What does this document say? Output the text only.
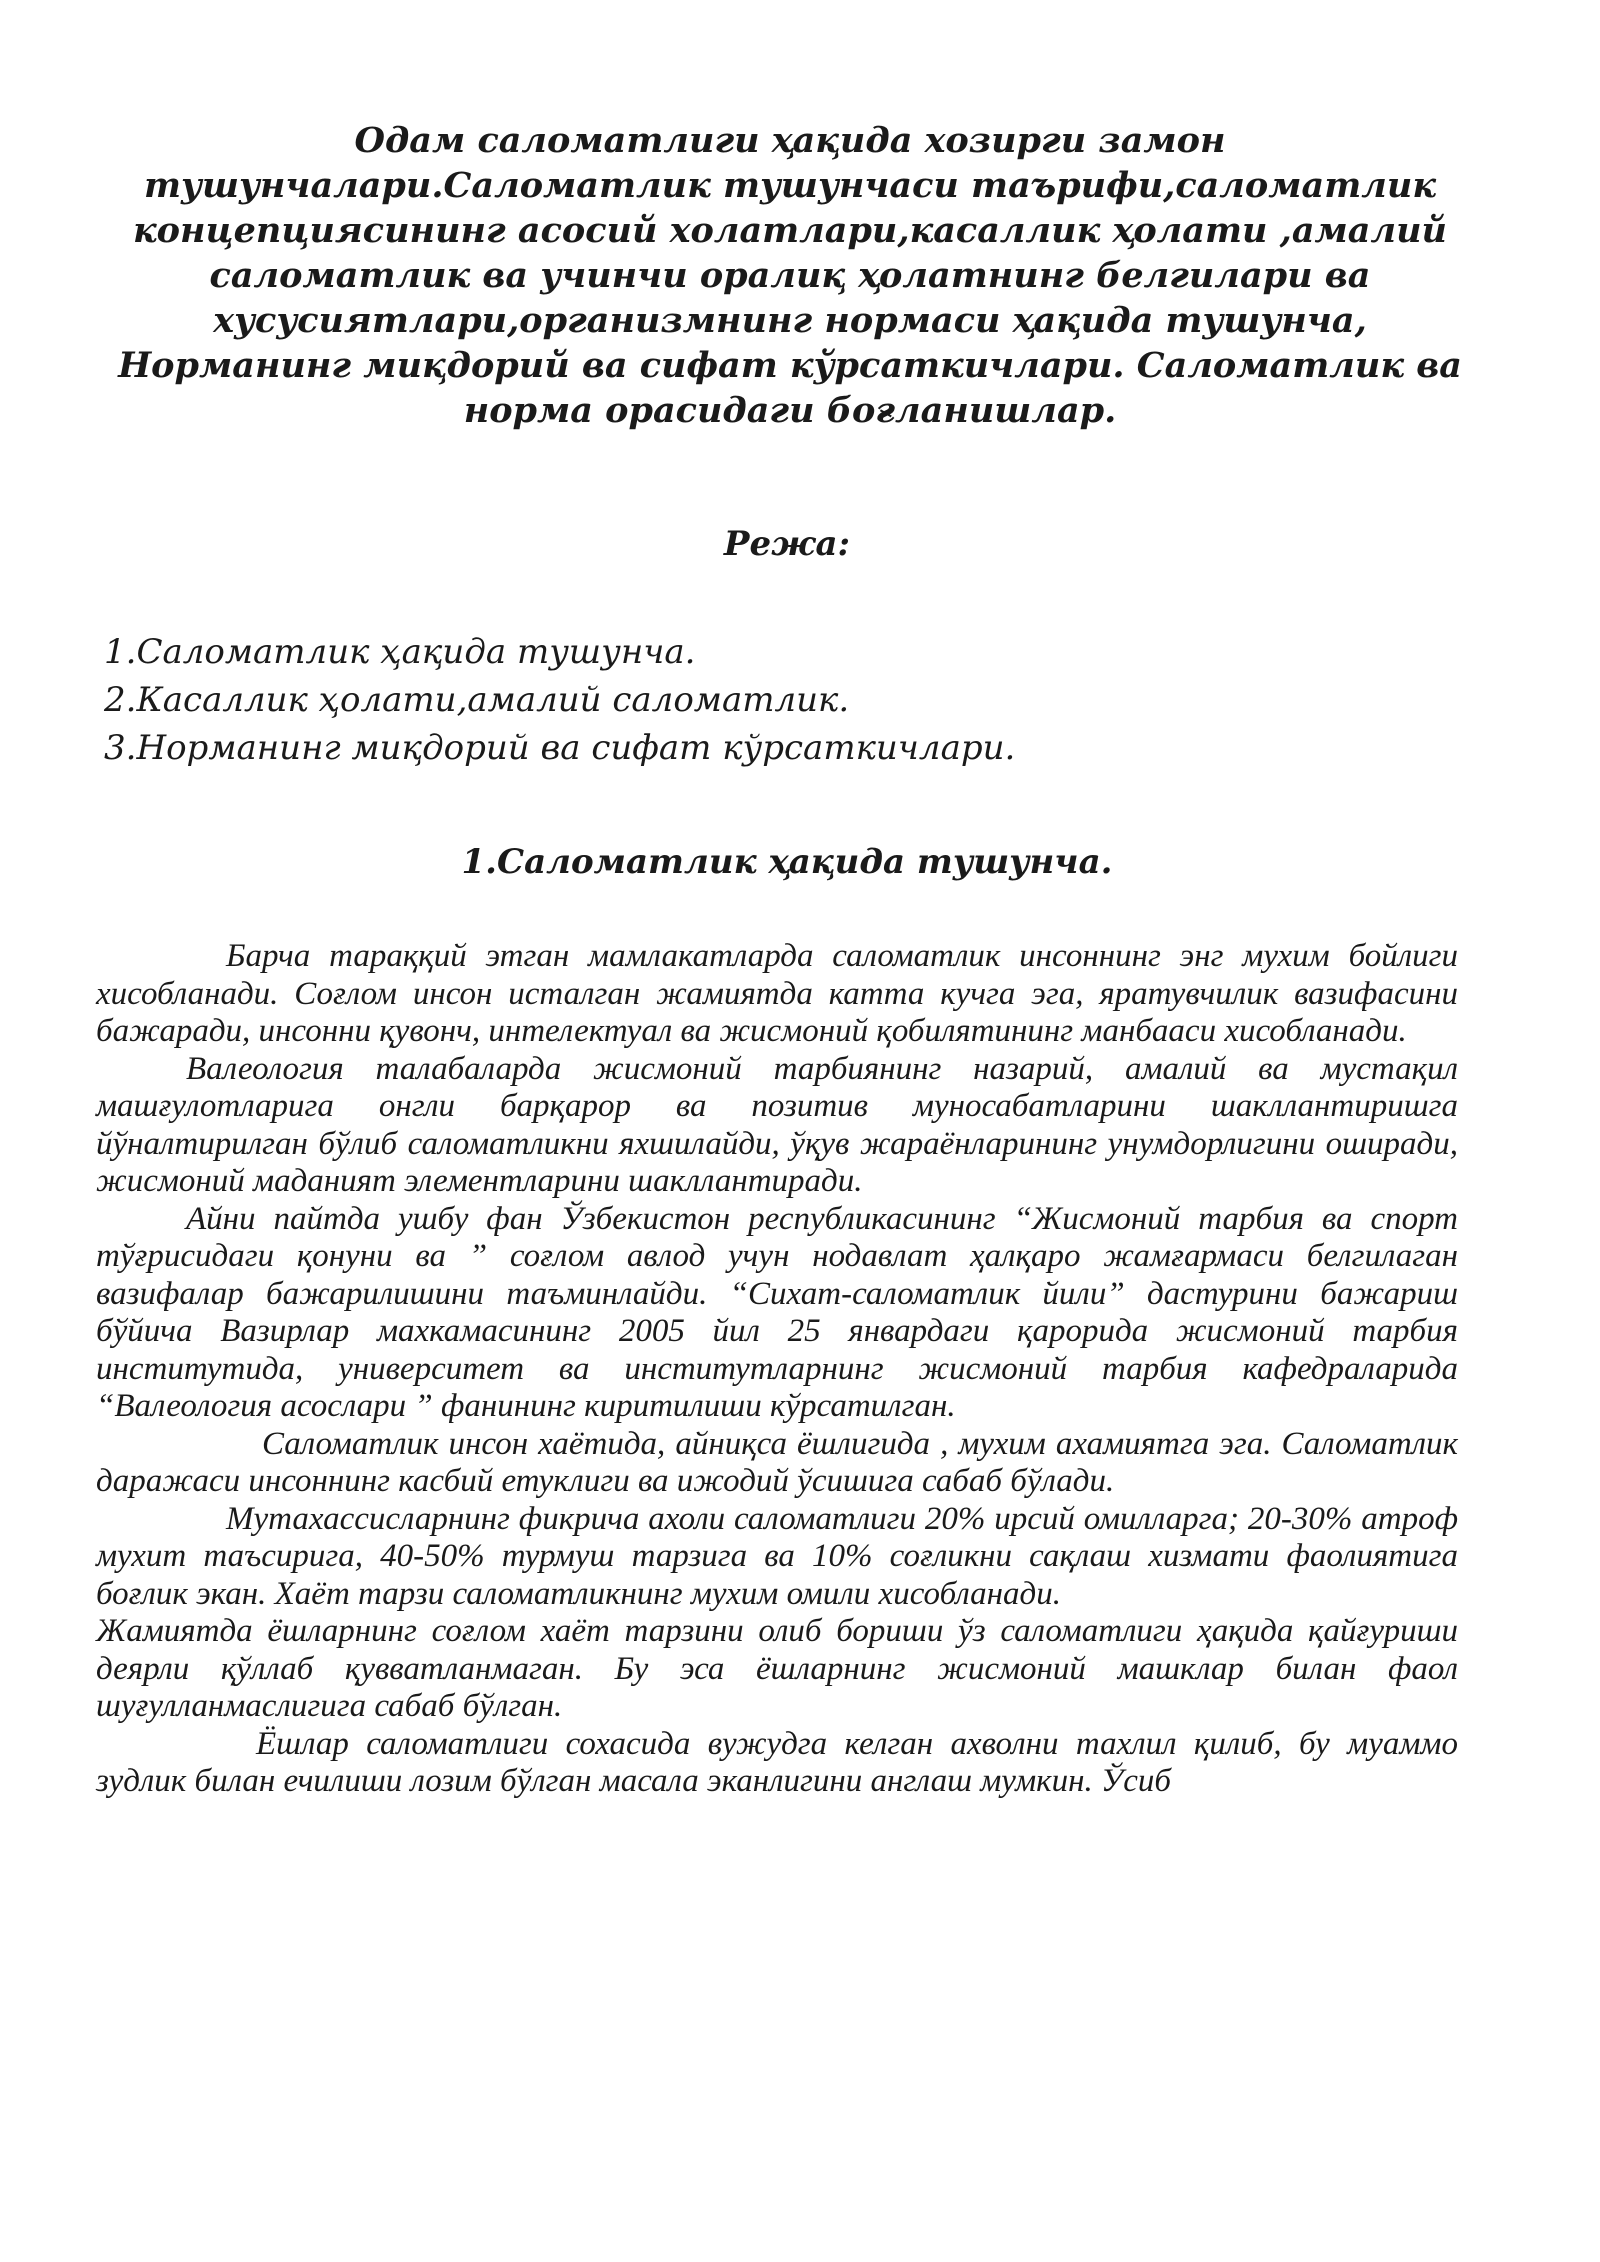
Одам саломатлиги ҳақида хозирги замон
тушунчалари.Саломатлик тушунчаси таърифи,саломатлик
концепциясининг асосий холатлари,касаллик ҳолати ,амалий
саломатлик ва учинчи оралиқ ҳолатнинг белгилари ва
хусусиятлари,организмнинг нормаси ҳақида тушунча,
Норманинг миқдорий ва сифат кўрсаткичлари. Саломатлик ва
норма орасидаги боғланишлар.
Режа:
1.Саломатлик ҳақида тушунча.
2.Касаллик ҳолати,амалий саломатлик.
3.Норманинг миқдорий ва сифат кўрсаткичлари.
1.Саломатлик ҳақида тушунча.

Барча тараққий этган мамлакатларда саломатлик инсоннинг энг мухим бойлиги хисобланади. Соғлом инсон исталган жамиятда катта кучга эга, яратувчилик вазифасини бажаради, инсонни қувонч, интелектуал ва жисмоний қобилятининг манбааси хисобланади.

Валеология талабаларда жисмоний тарбиянинг назарий, амалий ва мустақил машғулотларига онгли барқарор ва позитив муносабатларини шакллантиришга йўналтирилган бўлиб саломатликни яхшилайди, ўқув жараёнларининг унумдорлигини оширади, жисмоний маданият элементларини шакллантиради.

Айни пайтда ушбу фан Ўзбекистон республикасининг “Жисмоний тарбия ва спорт тўғрисидаги қонуни ва ” соғлом авлод учун нодавлат ҳалқаро жамғармаси белгилаган вазифалар бажарилишини таъминлайди. “Сихат-саломатлик йили” дастурини бажариш бўйича Вазирлар махкамасининг 2005 йил 25 январдаги қарорида жисмоний тарбия институтида, университет ва институтларнинг жисмоний тарбия кафедраларида “Валеология асослари ” фанининг киритилиши кўрсатилган.

Саломатлик инсон хаётида, айниқса ёшлигида , мухим ахамиятга эга. Саломатлик даражаси инсоннинг касбий етуклиги ва ижодий ўсишига сабаб бўлади.

Мутахассисларнинг фикрича ахоли саломатлиги 20% ирсий омилларга; 20-30% атроф мухит таъсирига, 40-50% турмуш тарзига ва 10% соғликни сақлаш хизмати фаолиятига боғлик экан. Хаёт тарзи саломатликнинг мухим омили хисобланади.

Жамиятда ёшларнинг соғлом хаёт тарзини олиб бориши ўз саломатлиги ҳақида қайғуриши деярли қўллаб қувватланмаган. Бу эса ёшларнинг жисмоний машклар билан фаол шуғулланмаслигига сабаб бўлган.

Ёшлар саломатлиги сохасида вужудга келган ахволни тахлил қилиб, бу муаммо зудлик билан ечилиши лозим бўлган масала эканлигини англаш мумкин. Ўсиб
